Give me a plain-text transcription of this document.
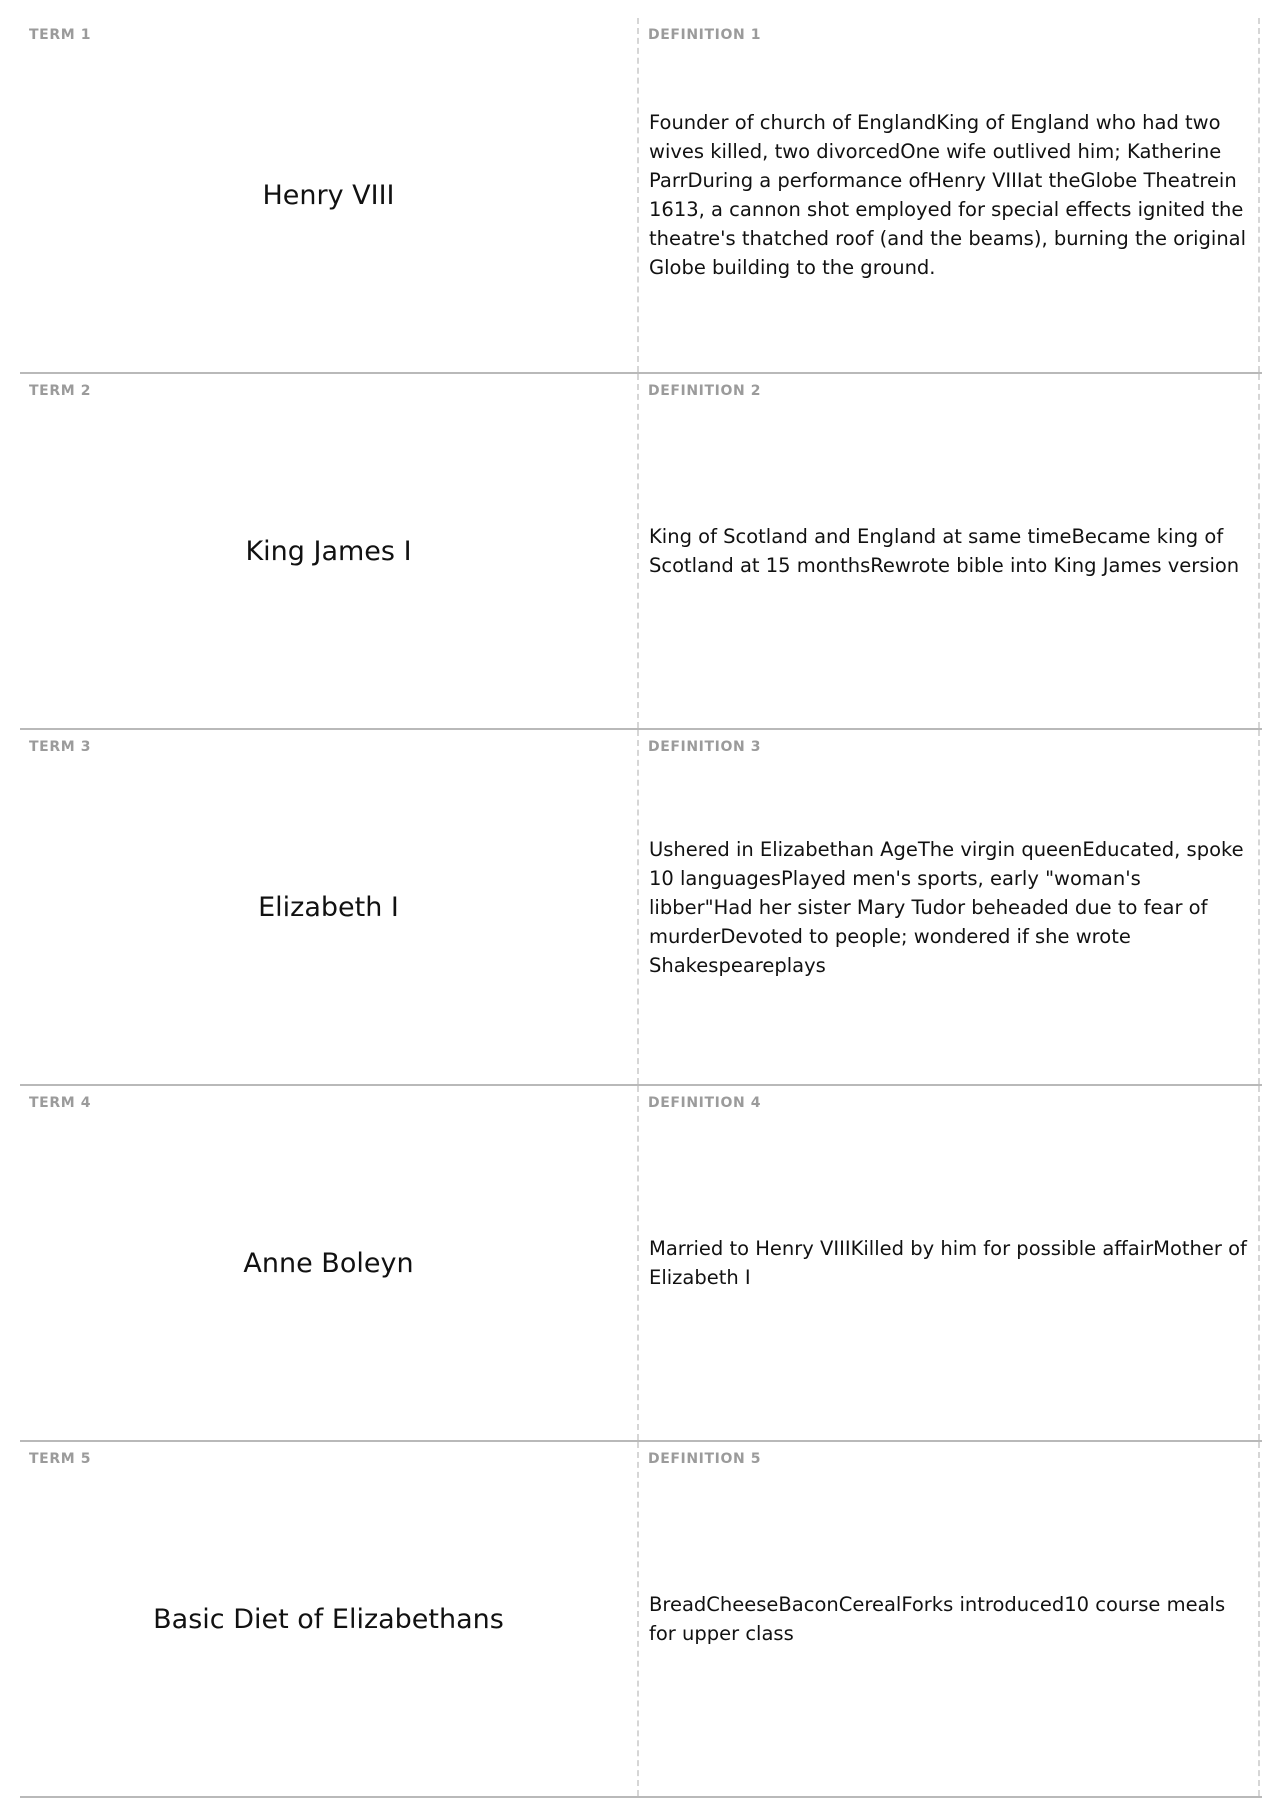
TERM 1
Henry VIII
DEFINITION 1
Founder of church of EnglandKing of England who had two wives killed, two divorcedOne wife outlived him; Katherine ParrDuring a performance ofHenry VIIIat theGlobe Theatrein 1613, a cannon shot employed for special effects ignited the theatre's thatched roof (and the beams), burning the original Globe building to the ground.
TERM 2
King James I
DEFINITION 2
King of Scotland and England at same timeBecame king of Scotland at 15 monthsRewrote bible into King James version
TERM 3
Elizabeth I
DEFINITION 3
Ushered in Elizabethan AgeThe virgin queenEducated, spoke 10 languagesPlayed men's sports, early "woman's libber"Had her sister Mary Tudor beheaded due to fear of murderDevoted to people; wondered if she wrote Shakespeareplays
TERM 4
Anne Boleyn
DEFINITION 4
Married to Henry VIIIKilled by him for possible affairMother of Elizabeth I
TERM 5
Basic Diet of Elizabethans
DEFINITION 5
BreadCheeseBaconCerealForks introduced10 course meals for upper class
